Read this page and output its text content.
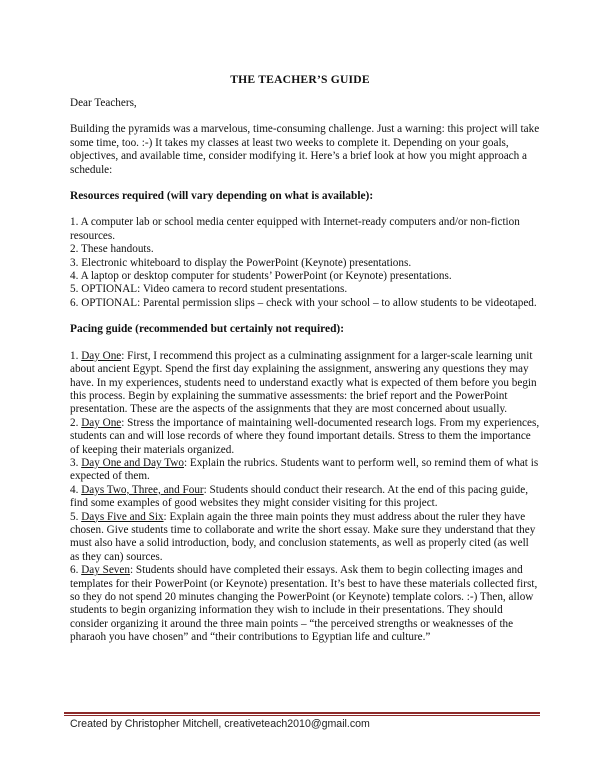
THE TEACHER’S GUIDE

Dear Teachers,

Building the pyramids was a marvelous, time-consuming challenge. Just a warning: this project will take some time, too. :-) It takes my classes at least two weeks to complete it. Depending on your goals, objectives, and available time, consider modifying it. Here’s a brief look at how you might approach a schedule:

Resources required (will vary depending on what is available):

1. A computer lab or school media center equipped with Internet-ready computers and/or non-fiction resources.

2. These handouts.

3. Electronic whiteboard to display the PowerPoint (Keynote) presentations.

4. A laptop or desktop computer for students’ PowerPoint (or Keynote) presentations.

5. OPTIONAL: Video camera to record student presentations.

6. OPTIONAL: Parental permission slips – check with your school – to allow students to be videotaped.

Pacing guide (recommended but certainly not required):

1. Day One: First, I recommend this project as a culminating assignment for a larger-scale learning unit about ancient Egypt. Spend the first day explaining the assignment, answering any questions they may have. In my experiences, students need to understand exactly what is expected of them before you begin this process. Begin by explaining the summative assessments: the brief report and the PowerPoint presentation. These are the aspects of the assignments that they are most concerned about usually.

2. Day One: Stress the importance of maintaining well-documented research logs. From my experiences, students can and will lose records of where they found important details. Stress to them the importance of keeping their materials organized.

3. Day One and Day Two: Explain the rubrics. Students want to perform well, so remind them of what is expected of them.

4. Days Two, Three, and Four: Students should conduct their research. At the end of this pacing guide, find some examples of good websites they might consider visiting for this project.

5. Days Five and Six: Explain again the three main points they must address about the ruler they have chosen. Give students time to collaborate and write the short essay. Make sure they understand that they must also have a solid introduction, body, and conclusion statements, as well as properly cited (as well as they can) sources.

6. Day Seven: Students should have completed their essays. Ask them to begin collecting images and templates for their PowerPoint (or Keynote) presentation. It’s best to have these materials collected first, so they do not spend 20 minutes changing the PowerPoint (or Keynote) template colors. :-) Then, allow students to begin organizing information they wish to include in their presentations. They should consider organizing it around the three main points – “the perceived strengths or weaknesses of the pharaoh you have chosen” and “their contributions to Egyptian life and culture.”

Created by Christopher Mitchell, creativeteach2010@gmail.com
